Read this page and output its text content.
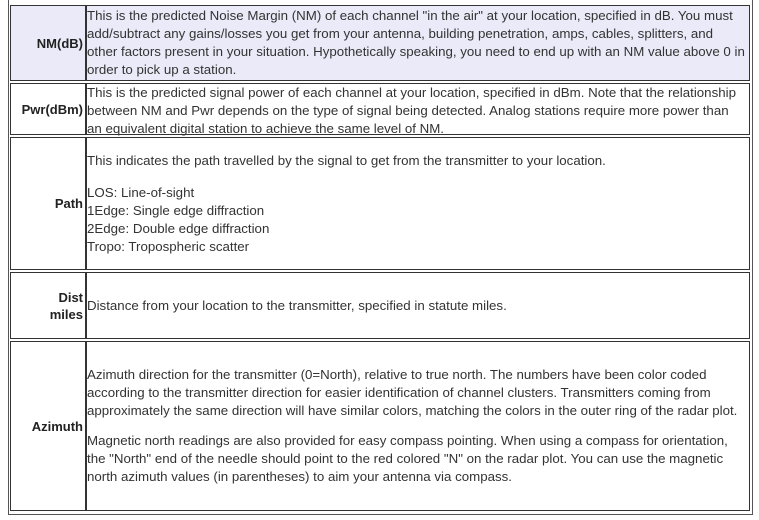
NM(dB)
This is the predicted Noise Margin (NM) of each channel "in the air" at your location, specified in dB. You must add/subtract any gains/losses you get from your antenna, building penetration, amps, cables, splitters, and other factors present in your situation. Hypothetically speaking, you need to end up with an NM value above 0 in order to pick up a station.
Pwr(dBm)
This is the predicted signal power of each channel at your location, specified in dBm. Note that the relationship between NM and Pwr depends on the type of signal being detected. Analog stations require more power than an equivalent digital station to achieve the same level of NM.
Path

This indicates the path travelled by the signal to get from the transmitter to your location.

LOS: Line-of-sight

1Edge: Single edge diffraction

2Edge: Double edge diffraction

Tropo: Tropospheric scatter

Dist
miles
Distance from your location to the transmitter, specified in statute miles.
Azimuth

Azimuth direction for the transmitter (0=North), relative to true north. The numbers have been color coded according to the transmitter direction for easier identification of channel clusters. Transmitters coming from approximately the same direction will have similar colors, matching the colors in the outer ring of the radar plot.

Magnetic north readings are also provided for easy compass pointing. When using a compass for orientation, the "North" end of the needle should point to the red colored "N" on the radar plot. You can use the magnetic north azimuth values (in parentheses) to aim your antenna via compass.
